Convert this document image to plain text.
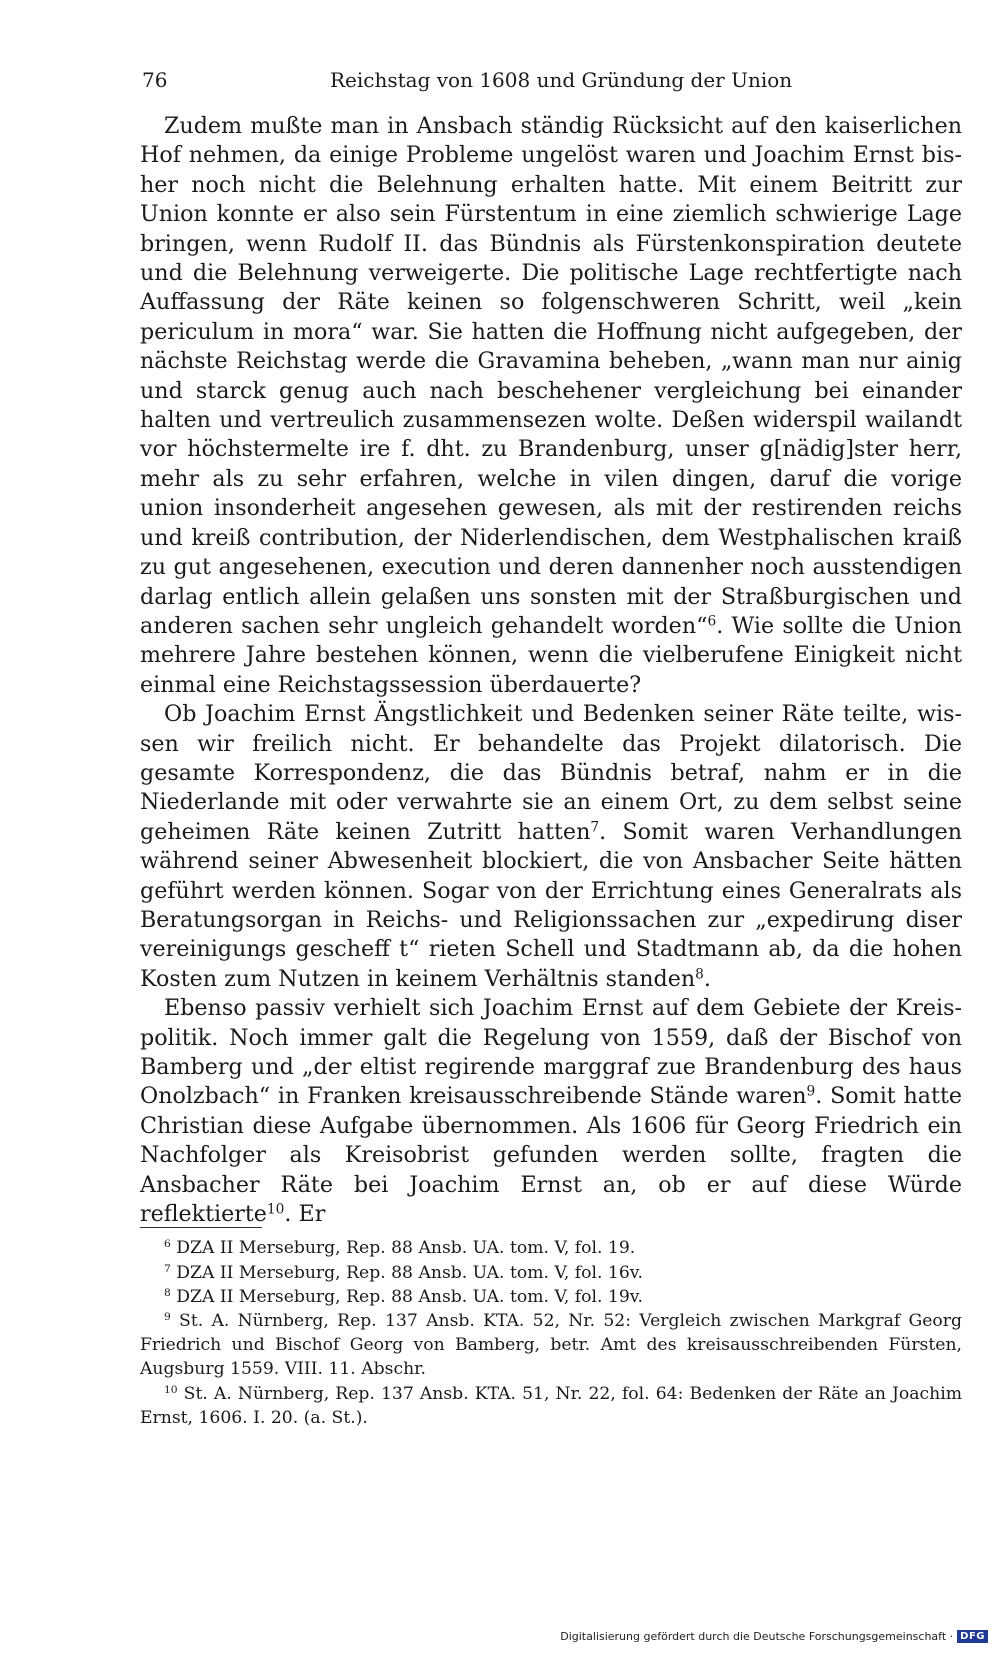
76	Reichstag von 1608 und Gründung der Union

Zudem mußte man in Ansbach ständig Rücksicht auf den kaiserlichen Hof nehmen, da einige Probleme ungelöst waren und Joachim Ernst bisher noch nicht die Belehnung erhalten hatte. Mit einem Beitritt zur Union konnte er also sein Fürstentum in eine ziemlich schwierige Lage bringen, wenn Rudolf II. das Bündnis als Fürstenkonspiration deutete und die Belehnung verweigerte. Die politische Lage rechtfertigte nach Auffassung der Räte keinen so folgenschweren Schritt, weil „kein periculum in mora“ war. Sie hatten die Hoffnung nicht aufgegeben, der nächste Reichstag werde die Gravamina beheben, „wann man nur ainig und starck genug auch nach beschehener vergleichung bei einander halten und vertreulich zusammensezen wolte. Deßen widerspil wailandt vor höchstermelte ire f. dht. zu Brandenburg, unser g[nädig]ster herr, mehr als zu sehr erfahren, welche in vilen dingen, daruf die vorige union insonderheit angesehen gewesen, als mit der restirenden reichs und kreiß contribution, der Niderlendischen, dem Westphalischen kraiß zu gut angesehenen, execution und deren dannenher noch ausstendigen darlag entlich allein gelaßen uns sonsten mit der Straßburgischen und anderen sachen sehr ungleich gehandelt worden“$^6$. Wie sollte die Union mehrere Jahre bestehen können, wenn die vielberufene Einigkeit nicht einmal eine Reichstagssession überdauerte?

Ob Joachim Ernst Ängstlichkeit und Bedenken seiner Räte teilte, wissen wir freilich nicht. Er behandelte das Projekt dilatorisch. Die gesamte Korrespondenz, die das Bündnis betraf, nahm er in die Niederlande mit oder verwahrte sie an einem Ort, zu dem selbst seine geheimen Räte keinen Zutritt hatten$^7$. Somit waren Verhandlungen während seiner Abwesenheit blockiert, die von Ansbacher Seite hätten geführt werden können. Sogar von der Errichtung eines Generalrats als Beratungsorgan in Reichs- und Religionssachen zur „expedirung diser vereinigungs gescheff t“ rieten Schell und Stadtmann ab, da die hohen Kosten zum Nutzen in keinem Verhältnis standen$^8$.

Ebenso passiv verhielt sich Joachim Ernst auf dem Gebiete der Kreispolitik. Noch immer galt die Regelung von 1559, daß der Bischof von Bamberg und „der eltist regirende marggraf zue Brandenburg des haus Onolzbach“ in Franken kreisausschreibende Stände waren$^9$. Somit hatte Christian diese Aufgabe übernommen. Als 1606 für Georg Friedrich ein Nachfolger als Kreisobrist gefunden werden sollte, fragten die Ansbacher Räte bei Joachim Ernst an, ob er auf diese Würde reflektierte$^{10}$. Er

$^6$ DZA II Merseburg, Rep. 88 Ansb. UA. tom. V, fol. 19.

$^7$ DZA II Merseburg, Rep. 88 Ansb. UA. tom. V, fol. 16v.

$^8$ DZA II Merseburg, Rep. 88 Ansb. UA. tom. V, fol. 19v.

$^9$ St. A. Nürnberg, Rep. 137 Ansb. KTA. 52, Nr. 52: Vergleich zwischen Markgraf Georg Friedrich und Bischof Georg von Bamberg, betr. Amt des kreisausschreibenden Fürsten, Augsburg 1559. VIII. 11. Abschr.

$^{10}$ St. A. Nürnberg, Rep. 137 Ansb. KTA. 51, Nr. 22, fol. 64: Bedenken der Räte an Joachim Ernst, 1606. I. 20. (a. St.).

Digitalisierung gefördert durch die Deutsche Forschungsgemeinschaft · DFG
